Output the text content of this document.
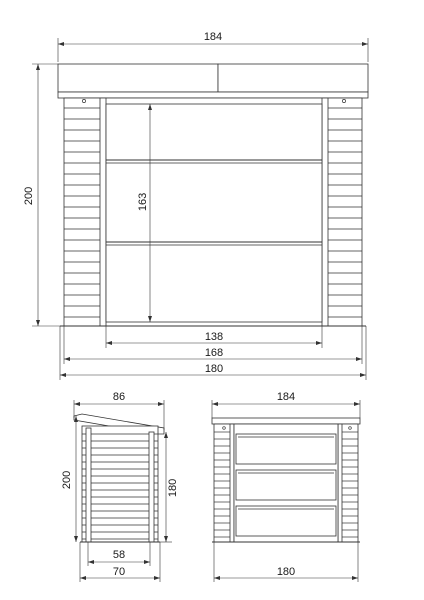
184
200	163
138
168
180
86
200	180
58
70
184
180
